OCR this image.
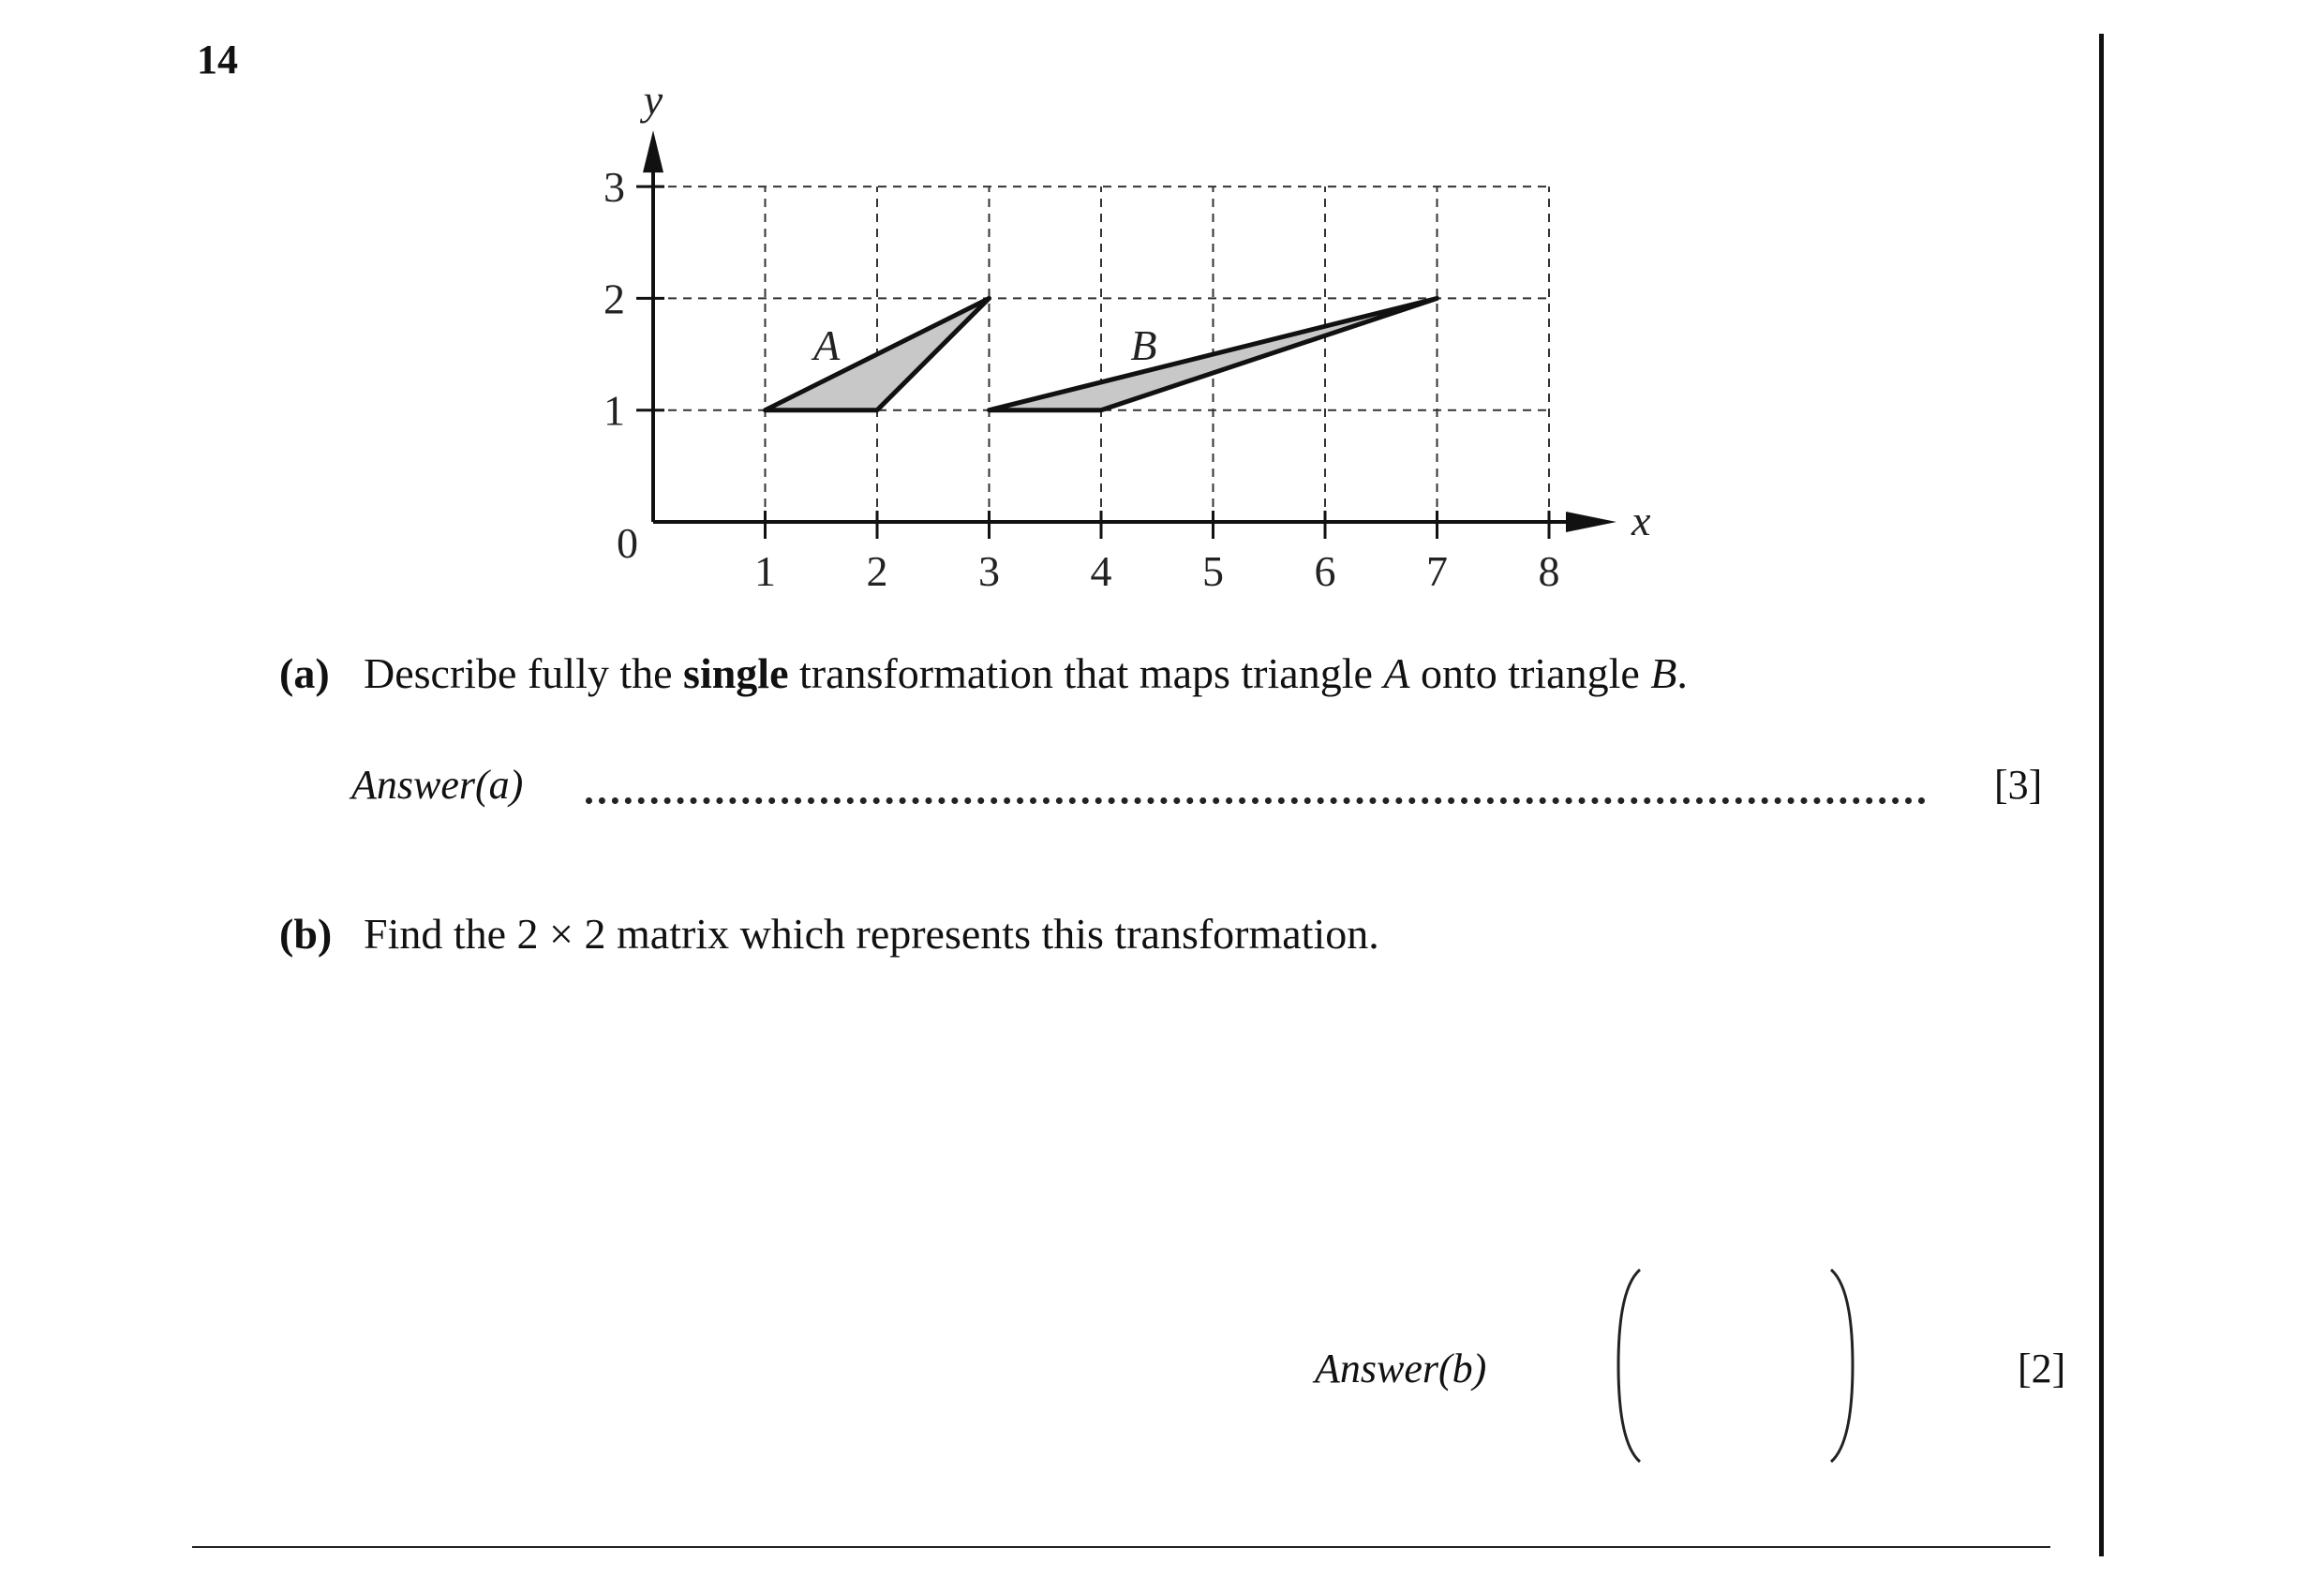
14
1 2 3 4 5 6 7 8
1
2
3
0	x
y
A	B
(a) Describe fully the single transformation that maps triangle A onto triangle B.
Answer(a)	[3]
(b) Find the 2 × 2 matrix which represents this transformation.
Answer(b)	[2]
